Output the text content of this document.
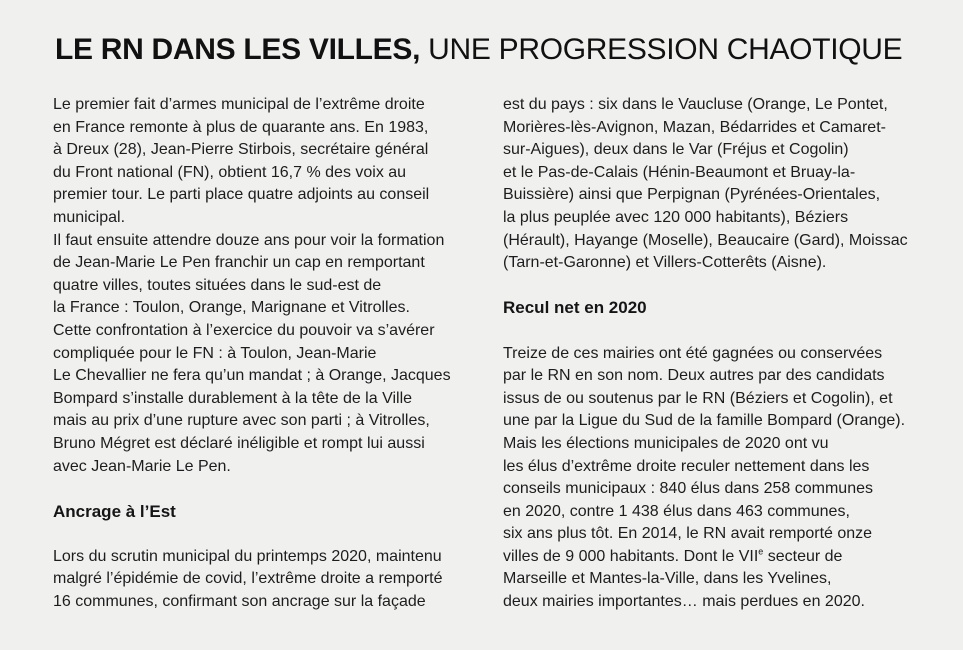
LE RN DANS LES VILLES, UNE PROGRESSION CHAOTIQUE
Le premier fait d’armes municipal de l’extrême droite
en France remonte à plus de quarante ans. En 1983,
à Dreux (28), Jean-Pierre Stirbois, secrétaire général
du Front national (FN), obtient 16,7 % des voix au
premier tour. Le parti place quatre adjoints au conseil
municipal.
Il faut ensuite attendre douze ans pour voir la formation
de Jean-Marie Le Pen franchir un cap en remportant
quatre villes, toutes situées dans le sud-est de
la France : Toulon, Orange, Marignane et Vitrolles.
Cette confrontation à l’exercice du pouvoir va s’avérer
compliquée pour le FN : à Toulon, Jean-Marie
Le Chevallier ne fera qu’un mandat ; à Orange, Jacques
Bompard s’installe durablement à la tête de la Ville
mais au prix d’une rupture avec son parti ; à Vitrolles,
Bruno Mégret est déclaré inéligible et rompt lui aussi
avec Jean-Marie Le Pen.
Ancrage à l’Est
Lors du scrutin municipal du printemps 2020, maintenu
malgré l’épidémie de covid, l’extrême droite a remporté
16 communes, confirmant son ancrage sur la façade
est du pays : six dans le Vaucluse (Orange, Le Pontet,
Morières-lès-Avignon, Mazan, Bédarrides et Camaret-
sur-Aigues), deux dans le Var (Fréjus et Cogolin)
et le Pas-de-Calais (Hénin-Beaumont et Bruay-la-
Buissière) ainsi que Perpignan (Pyrénées-Orientales,
la plus peuplée avec 120 000 habitants), Béziers
(Hérault), Hayange (Moselle), Beaucaire (Gard), Moissac
(Tarn-et-Garonne) et Villers-Cotterêts (Aisne).
Recul net en 2020
Treize de ces mairies ont été gagnées ou conservées
par le RN en son nom. Deux autres par des candidats
issus de ou soutenus par le RN (Béziers et Cogolin), et
une par la Ligue du Sud de la famille Bompard (Orange).
Mais les élections municipales de 2020 ont vu
les élus d’extrême droite reculer nettement dans les
conseils municipaux : 840 élus dans 258 communes
en 2020, contre 1 438 élus dans 463 communes,
six ans plus tôt. En 2014, le RN avait remporté onze
villes de 9 000 habitants. Dont le VIIe secteur de
Marseille et Mantes-la-Ville, dans les Yvelines,
deux mairies importantes… mais perdues en 2020.
